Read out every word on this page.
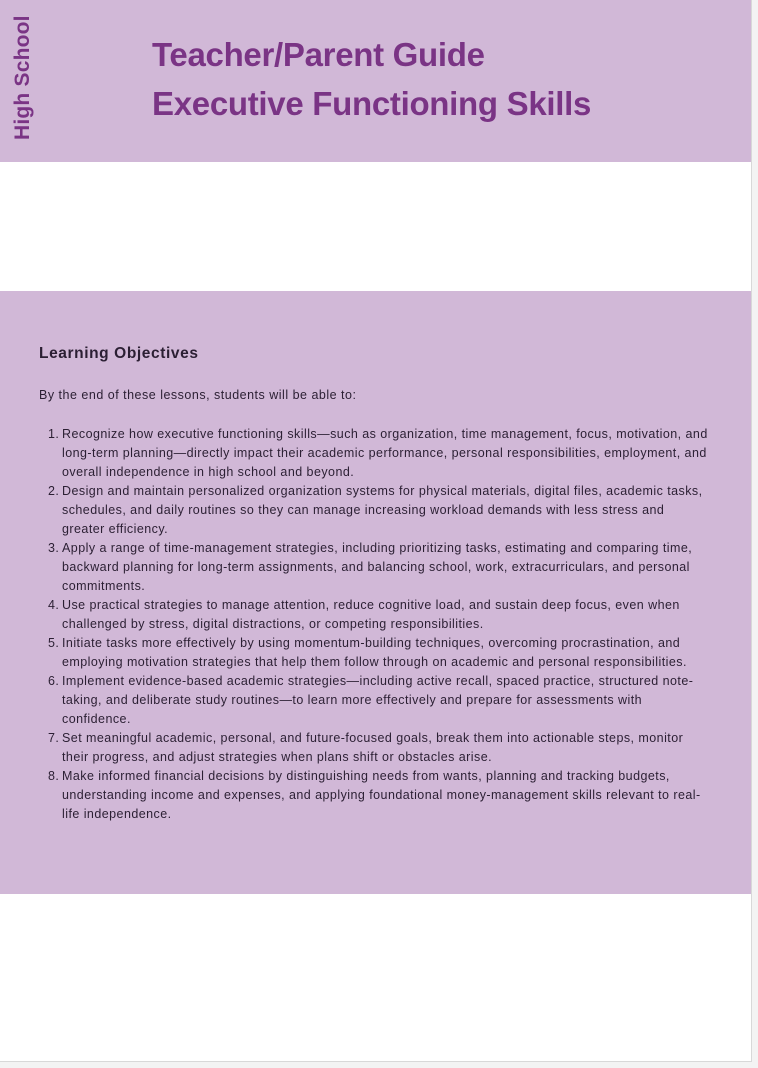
High School	Teacher/Parent Guide
Executive Functioning Skills
Learning Objectives
By the end of these lessons, students will be able to:
1. Recognize how executive functioning skills—such as organization, time management, focus, motivation, and long-term planning—directly impact their academic performance, personal responsibilities, employment, and overall independence in high school and beyond.
2. Design and maintain personalized organization systems for physical materials, digital files, academic tasks, schedules, and daily routines so they can manage increasing workload demands with less stress and greater efficiency.
3. Apply a range of time-management strategies, including prioritizing tasks, estimating and comparing time, backward planning for long-term assignments, and balancing school, work, extracurriculars, and personal commitments.
4. Use practical strategies to manage attention, reduce cognitive load, and sustain deep focus, even when challenged by stress, digital distractions, or competing responsibilities.
5. Initiate tasks more effectively by using momentum-building techniques, overcoming procrastination, and employing motivation strategies that help them follow through on academic and personal responsibilities.
6. Implement evidence-based academic strategies—including active recall, spaced practice, structured note-taking, and deliberate study routines—to learn more effectively and prepare for assessments with confidence.
7. Set meaningful academic, personal, and future-focused goals, break them into actionable steps, monitor their progress, and adjust strategies when plans shift or obstacles arise.
8. Make informed financial decisions by distinguishing needs from wants, planning and tracking budgets, understanding income and expenses, and applying foundational money-management skills relevant to real-life independence.
